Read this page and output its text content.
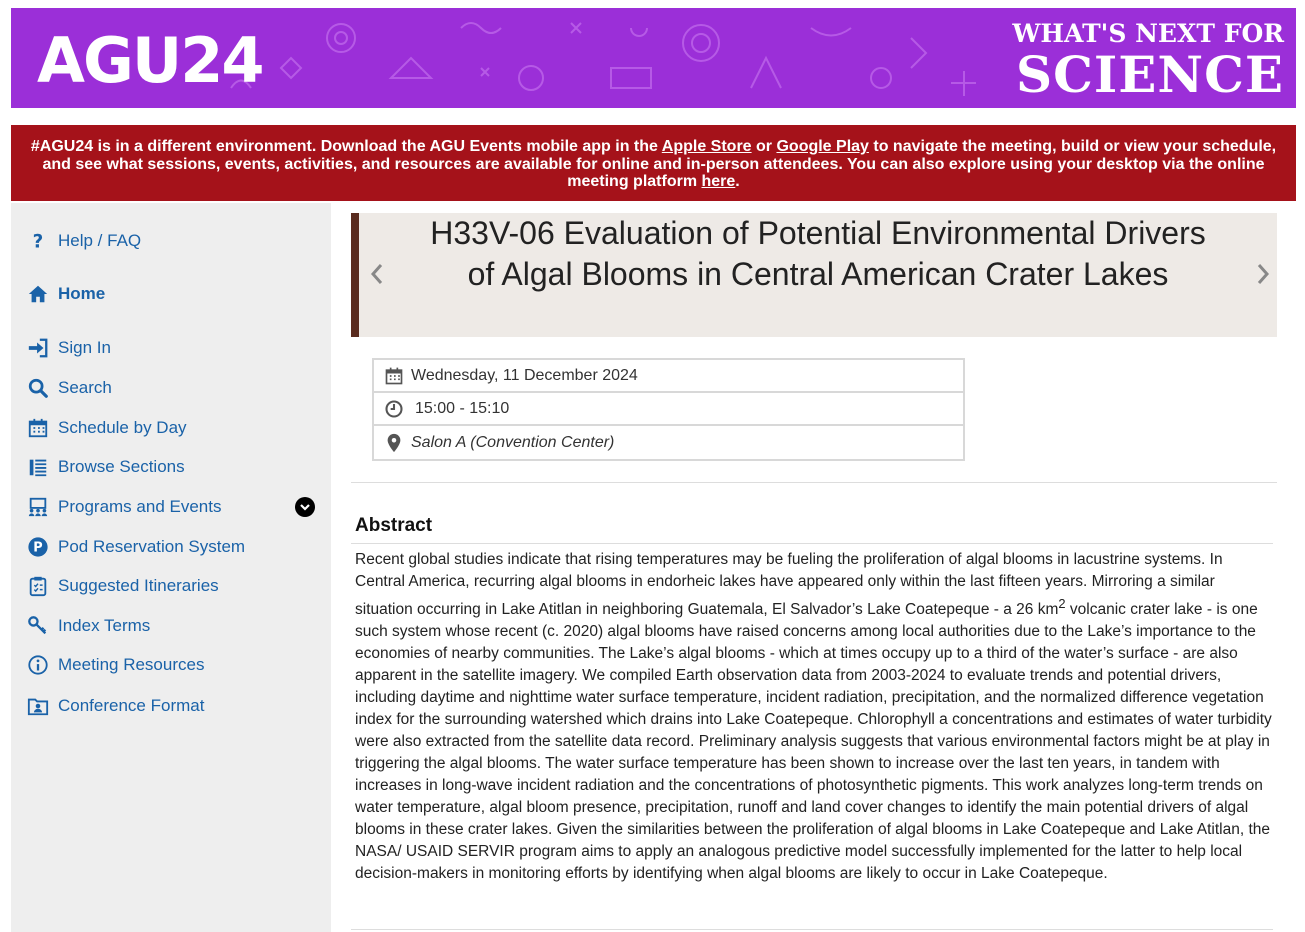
AGU24	WHAT'S NEXT FOR
SCIENCE
#AGU24 is in a different environment. Download the AGU Events mobile app in the Apple Store or Google Play to navigate the meeting, build or view your schedule, and see what sessions, events, activities, and resources are available for online and in-person attendees. You can also explore using your desktop via the online meeting platform here.
? Help / FAQ
Home
Sign In
Search
Schedule by Day
Browse Sections
Programs and Events
P Pod Reservation System
Suggested Itineraries
Index Terms
Meeting Resources
Conference Format
H33V-06 Evaluation of Potential Environmental Drivers of Algal Blooms in Central American Crater Lakes
Wednesday, 11 December 2024
15:00 - 15:10
Salon A (Convention Center)
Abstract

Recent global studies indicate that rising temperatures may be fueling the proliferation of algal blooms in lacustrine systems. In Central America, recurring algal blooms in endorheic lakes have appeared only within the last fifteen years. Mirroring a similar situation occurring in Lake Atitlan in neighboring Guatemala, El Salvador’s Lake Coatepeque - a 26 $km^2$ volcanic crater lake - is one such system whose recent (c. 2020) algal blooms have raised concerns among local authorities due to the Lake’s importance to the economies of nearby communities. The Lake’s algal blooms - which at times occupy up to a third of the water’s surface - are also apparent in the satellite imagery. We compiled Earth observation data from 2003-2024 to evaluate trends and potential drivers, including daytime and nighttime water surface temperature, incident radiation, precipitation, and the normalized difference vegetation index for the surrounding watershed which drains into Lake Coatepeque. Chlorophyll a concentrations and estimates of water turbidity were also extracted from the satellite data record. Preliminary analysis suggests that various environmental factors might be at play in triggering the algal blooms. The water surface temperature has been shown to increase over the last ten years, in tandem with increases in long-wave incident radiation and the concentrations of photosynthetic pigments. This work analyzes long-term trends on water temperature, algal bloom presence, precipitation, runoff and land cover changes to identify the main potential drivers of algal blooms in these crater lakes. Given the similarities between the proliferation of algal blooms in Lake Coatepeque and Lake Atitlan, the NASA/ USAID SERVIR program aims to apply an analogous predictive model successfully implemented for the latter to help local decision-makers in monitoring efforts by identifying when algal blooms are likely to occur in Lake Coatepeque.
